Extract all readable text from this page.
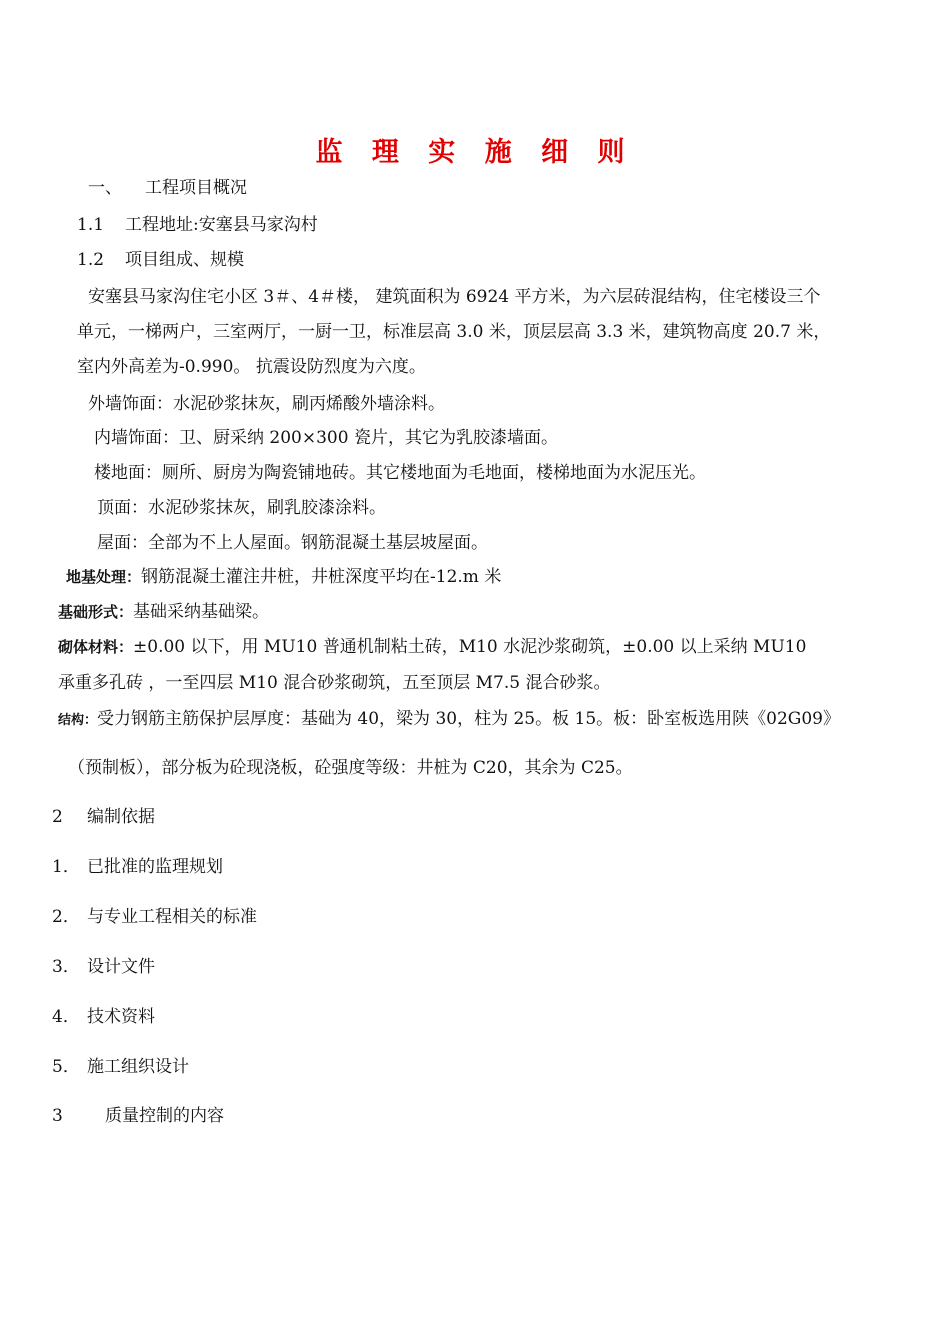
监 理 实 施 细 则
一、 工程项目概况
1.1 工程地址:安塞县马家沟村
1.2 项目组成、规模
安塞县马家沟住宅小区 3＃、4＃楼， 建筑面积为 6924 平方米，为六层砖混结构，住宅楼设三个
单元，一梯两户，三室两厅，一厨一卫，标准层高 3.0 米，顶层层高 3.3 米，建筑物高度 20.7 米，
室内外高差为-0.990。 抗震设防烈度为六度。
外墙饰面：水泥砂浆抹灰，刷丙烯酸外墙涂料。
内墙饰面：卫、厨采纳 200×300 瓷片，其它为乳胶漆墙面。
楼地面：厕所、厨房为陶瓷铺地砖。其它楼地面为毛地面，楼梯地面为水泥压光。
顶面：水泥砂浆抹灰，刷乳胶漆涂料。
屋面：全部为不上人屋面。钢筋混凝土基层坡屋面。
地基处理：钢筋混凝土灌注井桩，井桩深度平均在-12.m 米
基础形式：基础采纳基础梁。
砌体材料：±0.00 以下，用 MU10 普通机制粘土砖，M10 水泥沙浆砌筑，±0.00 以上采纳 MU10
承重多孔砖 ，一至四层 M10 混合砂浆砌筑，五至顶层 M7.5 混合砂浆。
结构：受力钢筋主筋保护层厚度：基础为 40，梁为 30，柱为 25。板 15。板：卧室板选用陕《02G09》
（预制板），部分板为砼现浇板，砼强度等级：井桩为 C20，其余为 C25。
2 编制依据
1． 已批准的监理规划
2． 与专业工程相关的标准
3． 设计文件
4． 技术资料
5． 施工组织设计
3 质量控制的内容
